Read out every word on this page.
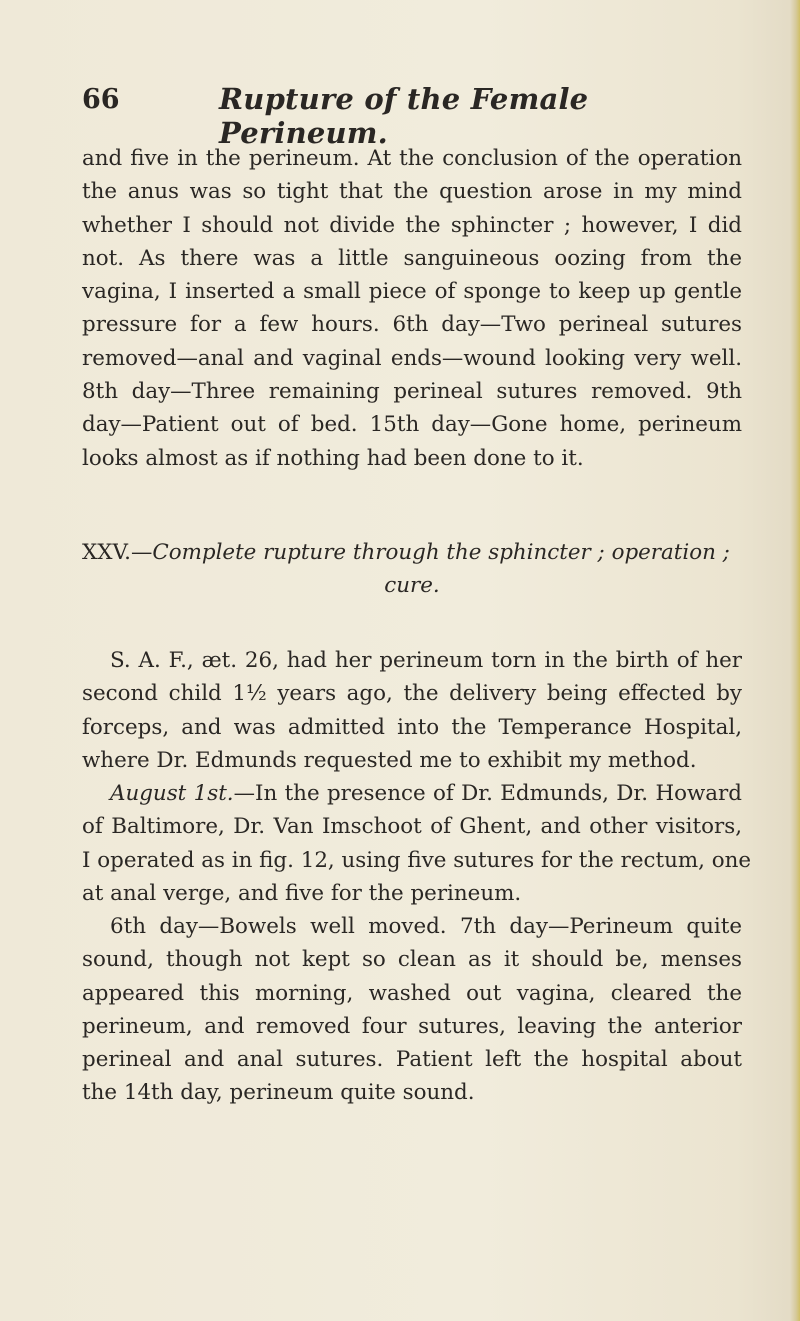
66	Rupture of the Female Perineum.
and five in the perineum. At the conclusion of the operation
the anus was so tight that the question arose in my mind
whether I should not divide the sphincter ; however, I did
not. As there was a little sanguineous oozing from the
vagina, I inserted a small piece of sponge to keep up gentle
pressure for a few hours. 6th day—Two perineal sutures
removed—anal and vaginal ends—wound looking very well.
8th day—Three remaining perineal sutures removed. 9th
day—Patient out of bed. 15th day—Gone home, perineum
looks almost as if nothing had been done to it.
XXV.—Complete rupture through the sphincter ; operation ;
cure.
S. A. F., æt. 26, had her perineum torn in the birth of her
second child 1½ years ago, the delivery being effected by
forceps, and was admitted into the Temperance Hospital,
where Dr. Edmunds requested me to exhibit my method.
August 1st.—In the presence of Dr. Edmunds, Dr. Howard
of Baltimore, Dr. Van Imschoot of Ghent, and other visitors,
I operated as in fig. 12, using five sutures for the rectum, one
at anal verge, and five for the perineum.
6th day—Bowels well moved. 7th day—Perineum quite
sound, though not kept so clean as it should be, menses
appeared this morning, washed out vagina, cleared the
perineum, and removed four sutures, leaving the anterior
perineal and anal sutures. Patient left the hospital about
the 14th day, perineum quite sound.
